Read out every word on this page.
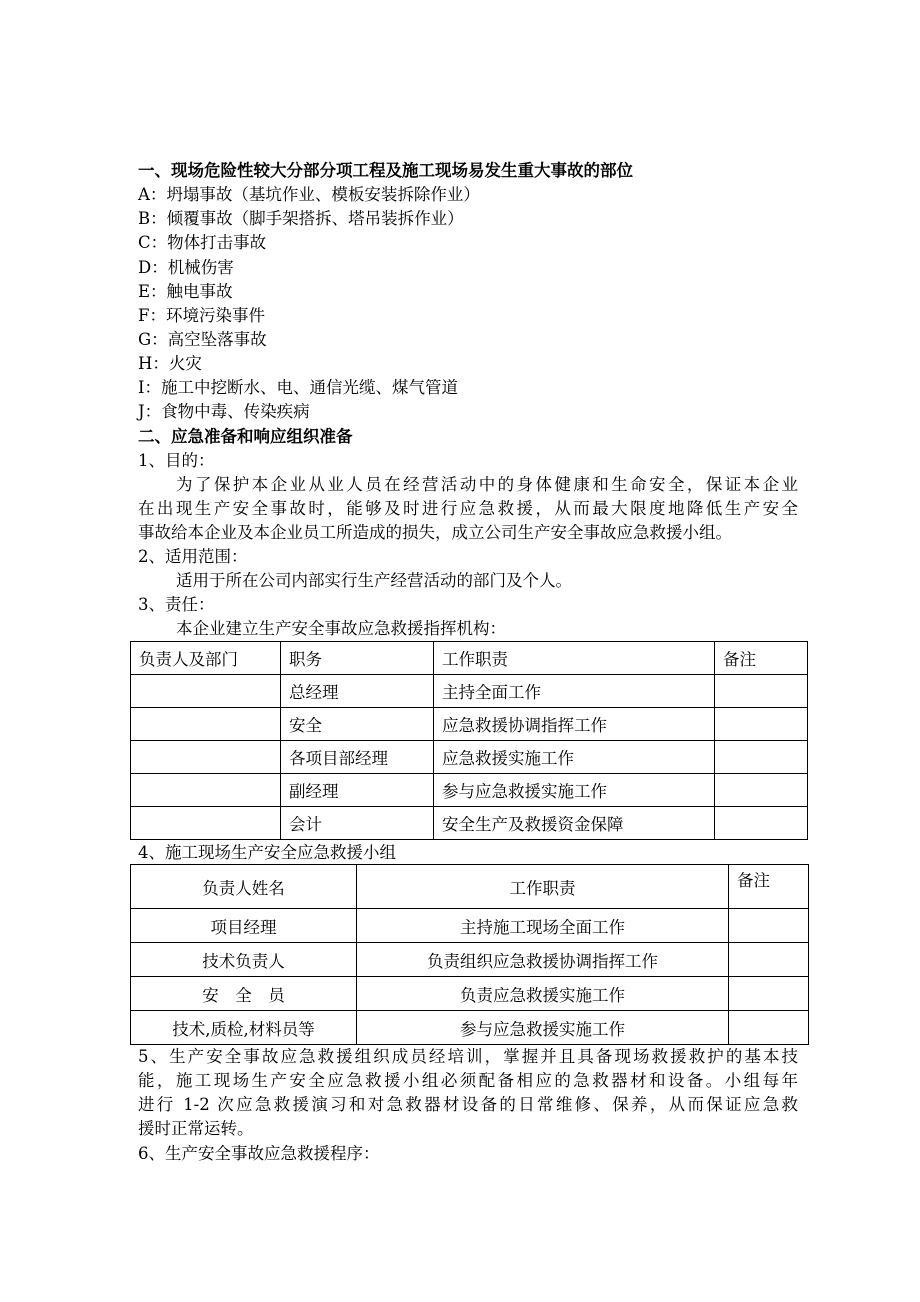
一、现场危险性较大分部分项工程及施工现场易发生重大事故的部位
A：坍塌事故（基坑作业、模板安装拆除作业）
B：倾覆事故（脚手架搭拆、塔吊装拆作业）
C：物体打击事故
D：机械伤害
E：触电事故
F：环境污染事件
G：高空坠落事故
H：火灾
I：施工中挖断水、电、通信光缆、煤气管道
J：食物中毒、传染疾病
二、应急准备和响应组织准备
1、目的：
为了保护本企业从业人员在经营活动中的身体健康和生命安全，保证本企业
在出现生产安全事故时，能够及时进行应急救援，从而最大限度地降低生产安全
事故给本企业及本企业员工所造成的损失，成立公司生产安全事故应急救援小组。
2、适用范围：
适用于所在公司内部实行生产经营活动的部门及个人。
3、责任：
本企业建立生产安全事故应急救援指挥机构：
负责人及部门	职务	工作职责	备注
	总经理	主持全面工作	
	安全	应急救援协调指挥工作	
	各项目部经理	应急救援实施工作	
	副经理	参与应急救援实施工作	
	会计	安全生产及救援资金保障	
4、施工现场生产安全应急救援小组
负责人姓名	工作职责	备注
项目经理	主持施工现场全面工作	
技术负责人	负责组织应急救援协调指挥工作	
安　全　员	负责应急救援实施工作	
技术,质检,材料员等	参与应急救援实施工作	
5、生产安全事故应急救援组织成员经培训，掌握并且具备现场救援救护的基本技
能，施工现场生产安全应急救援小组必须配备相应的急救器材和设备。小组每年
进行 1-2 次应急救援演习和对急救器材设备的日常维修、保养，从而保证应急救
援时正常运转。
6、生产安全事故应急救援程序：
